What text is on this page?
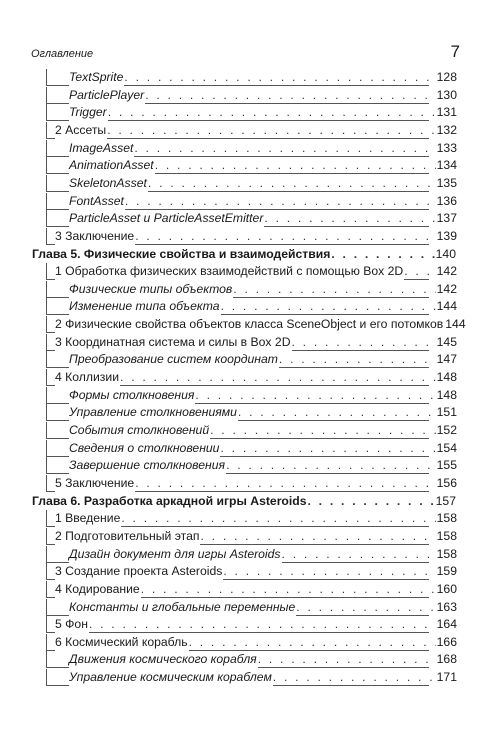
Оглавление	7
TextSprite . . .	128
ParticlePlayer . . .	130
Trigger . . .	131
2 Ассеты . . .	132
ImageAsset . . .	133
AnimationAsset . . .	134
SkeletonAsset . . .	135
FontAsset . . .	136
ParticleAsset и ParticleAssetEmitter . . .	137
3 Заключение . . .	139
Глава 5. Физические свойства и взаимодействия . . .	140
1 Обработка физических взаимодействий с помощью Box 2D . . .	142
Физические типы объектов . . .	142
Изменение типа объекта . . .	144
2 Физические свойства объектов класса SceneObject и его потомков 144
3 Координатная система и силы в Box 2D . . .	145
Преобразование систем координат . . .	147
4 Коллизии . . .	148
Формы столкновения . . .	148
Управление столкновениями . . .	151
События столкновений . . .	152
Сведения о столкновении . . .	154
Завершение столкновения . . .	155
5 Заключение . . .	156
Глава 6. Разработка аркадной игры Asteroids . . .	157
1 Введение . . .	158
2 Подготовительный этап . . .	158
Дизайн документ для игры Asteroids . . .	158
3 Создание проекта Asteroids . . .	159
4 Кодирование . . .	160
Константы и глобальные переменные . . .	163
5 Фон . . .	164
6 Космический корабль . . .	166
Движения космического корабля . . .	168
Управление космическим кораблем . . .	171
